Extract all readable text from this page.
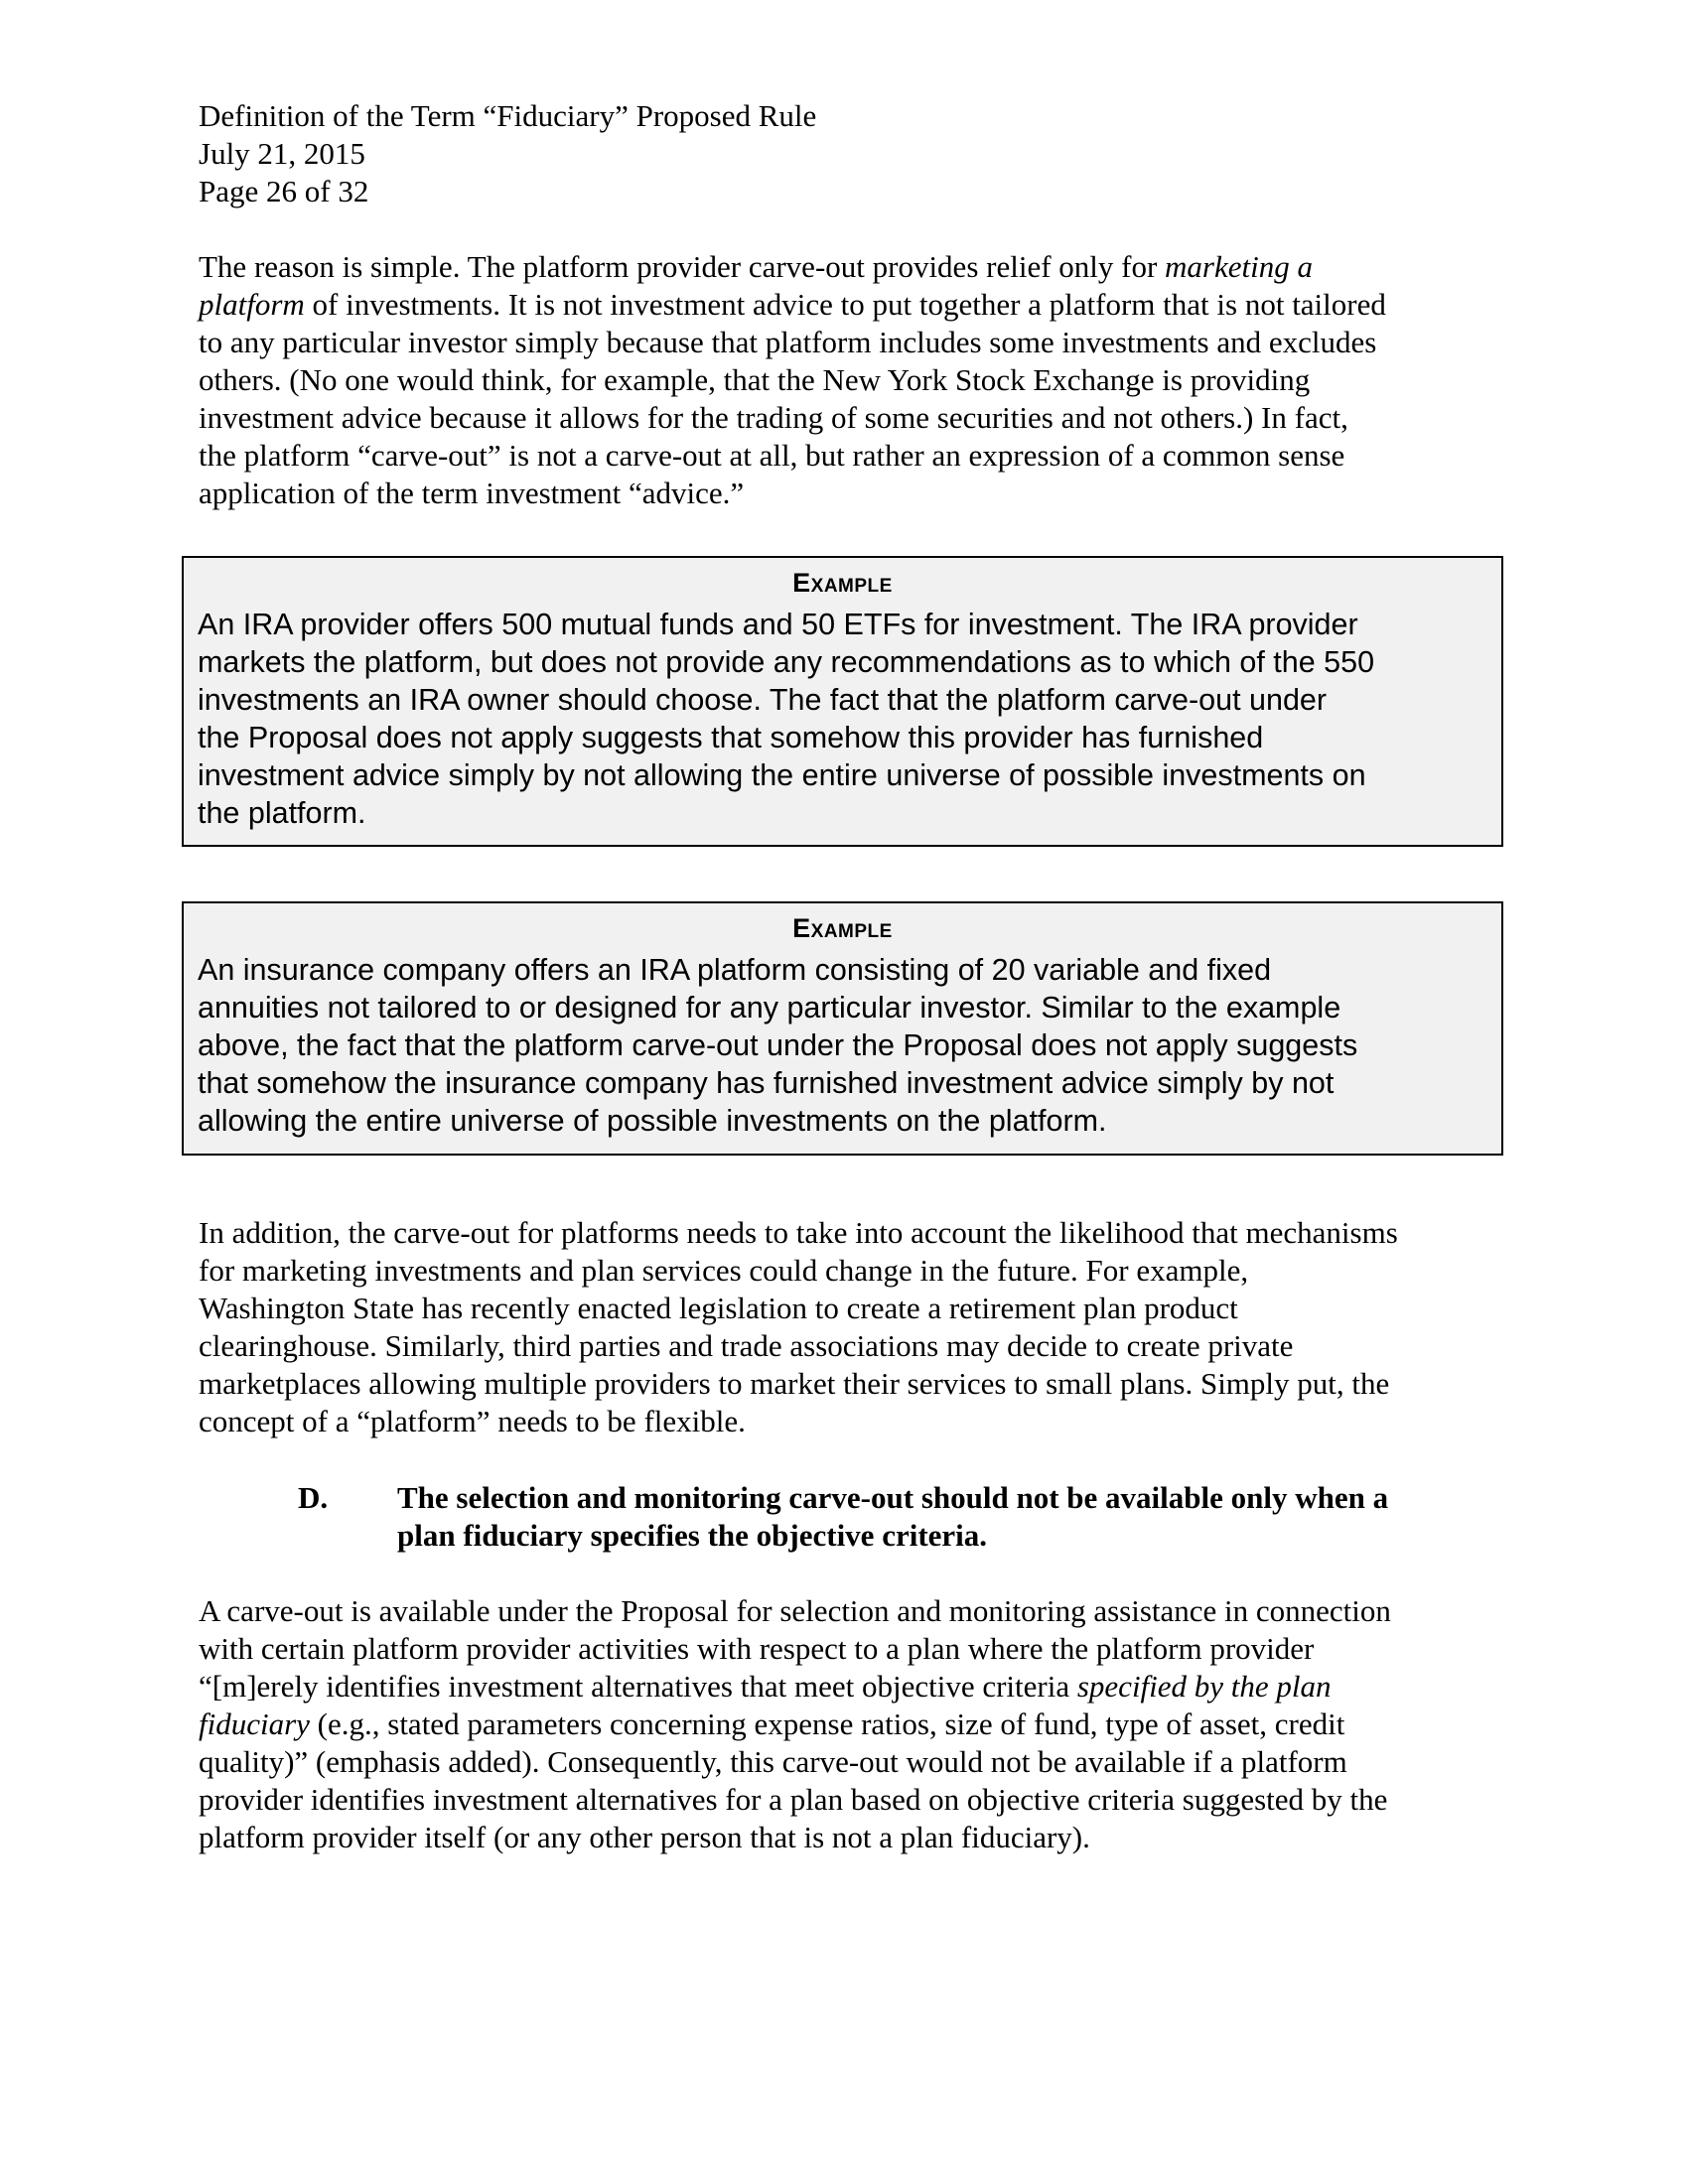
Definition of the Term “Fiduciary” Proposed Rule
July 21, 2015
Page 26 of 32
The reason is simple. The platform provider carve-out provides relief only for marketing a
platform of investments. It is not investment advice to put together a platform that is not tailored
to any particular investor simply because that platform includes some investments and excludes
others. (No one would think, for example, that the New York Stock Exchange is providing
investment advice because it allows for the trading of some securities and not others.) In fact,
the platform “carve-out” is not a carve-out at all, but rather an expression of a common sense
application of the term investment “advice.”
Example
An IRA provider offers 500 mutual funds and 50 ETFs for investment. The IRA provider
markets the platform, but does not provide any recommendations as to which of the 550
investments an IRA owner should choose. The fact that the platform carve-out under
the Proposal does not apply suggests that somehow this provider has furnished
investment advice simply by not allowing the entire universe of possible investments on
the platform.
Example
An insurance company offers an IRA platform consisting of 20 variable and fixed
annuities not tailored to or designed for any particular investor. Similar to the example
above, the fact that the platform carve-out under the Proposal does not apply suggests
that somehow the insurance company has furnished investment advice simply by not
allowing the entire universe of possible investments on the platform.
In addition, the carve-out for platforms needs to take into account the likelihood that mechanisms
for marketing investments and plan services could change in the future. For example,
Washington State has recently enacted legislation to create a retirement plan product
clearinghouse. Similarly, third parties and trade associations may decide to create private
marketplaces allowing multiple providers to market their services to small plans. Simply put, the
concept of a “platform” needs to be flexible.
D. The selection and monitoring carve-out should not be available only when a
plan fiduciary specifies the objective criteria.
A carve-out is available under the Proposal for selection and monitoring assistance in connection
with certain platform provider activities with respect to a plan where the platform provider
“[m]erely identifies investment alternatives that meet objective criteria specified by the plan
fiduciary (e.g., stated parameters concerning expense ratios, size of fund, type of asset, credit
quality)” (emphasis added). Consequently, this carve-out would not be available if a platform
provider identifies investment alternatives for a plan based on objective criteria suggested by the
platform provider itself (or any other person that is not a plan fiduciary).
